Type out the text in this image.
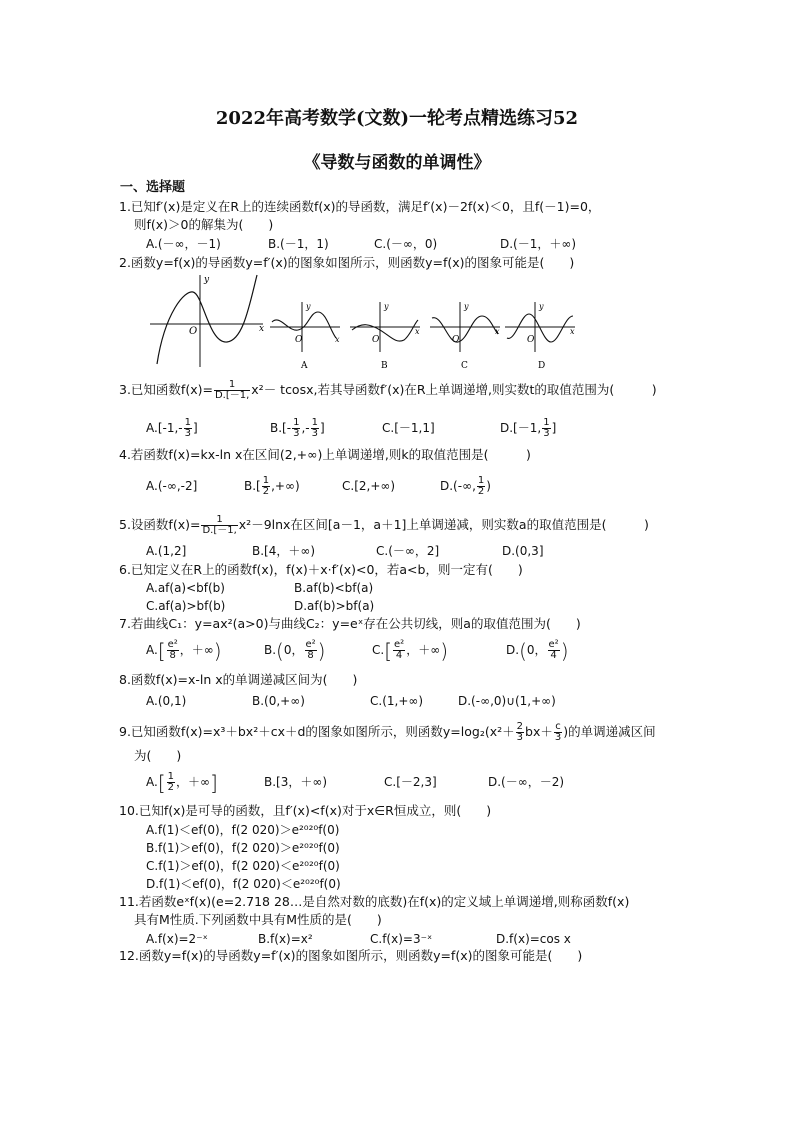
2022年高考数学(文数)一轮考点精选练习52
《导数与函数的单调性》
一、选择题
1.已知f′(x)是定义在R上的连续函数f(x)的导函数，满足f′(x)－2f(x)＜0，且f(－1)=0，
则f(x)＞0的解集为(　　)
A.(－∞，－1)	B.(－1，1)	C.(－∞，0)	D.(－1，＋∞)
2.函数y=f(x)的导函数y=f′(x)的图象如图所示，则函数y=f(x)的图象可能是(　　)
y
x
O
y
x
O
A
y
x
O
B
y
x
O
C
y
x
O
D
3.已知函数$f(x)= \frac{1}{D.[-1,} x^2- tcosx$,若其导函数f′(x)在R上单调递增,则实数t的取值范围为(　　　)
$A.[-1,- \frac{1}{3}$ ]	$B.[- \frac{1}{3}$ ,- $\frac{1}{3}$ ]	C.[－1,1]	D.[－1, $\frac{1}{3}$ ]
4.若函数f(x)=kx-ln x在区间(2,+∞)上单调递增,则k的取值范围是(　　　)
A.(-∞,-2]	$B.[ \frac{1}{2}$ ,+∞)	C.[2,+∞)	D.(-∞, $\frac{1}{2}$ )
5.设函数$f(x)= \frac{1}{D.[-1,} x^2-9\ln x$在区间[a－1，a＋1]上单调递减，则实数a的取值范围是(　　　)
A.(1,2]	B.[4，＋∞)	C.(－∞，2]	D.(0,3]
6.已知定义在R上的函数f(x)，f(x)＋x·f′(x)<0，若a<b，则一定有(　　)
A.af(a)<bf(b)	B.af(b)<bf(a)
C.af(a)>bf(b)	D.af(b)>bf(a)
7.若曲线C₁：y=ax²(a>0)与曲线C₂：y=eˣ存在公共切线，则a的取值范围为(　　)
$A.[ \frac{\text{e²}}{8}$ ，＋∞)	B.(0， $\frac{\text{e²}}{8}$ )	$C.[ \frac{\text{e²}}{4}$ ，＋∞)	D.(0， $\frac{\text{e²}}{4}$ )
8.函数f(x)=x-ln x的单调递减区间为(　　)
A.(0,1)	B.(0,+∞)	C.(1,+∞)	D.(-∞,0)∪(1,+∞)
9.已知函数f(x)=x³＋bx²＋cx＋d的图象如图所示，则函数$y=\log_2(x^2+ \frac{2}{3} bx+ \frac{c}{3}$ )的单调递减区间
为(　　)
$A.[ \frac{1}{2}$ ，＋∞]	B.[3，＋∞)	C.[－2,3]	D.(－∞，－2)
10.已知f(x)是可导的函数，且f′(x)<f(x)对于x∈R恒成立，则(　　)
A.f(1)＜ef(0)，f(2 020)＞e²⁰²⁰f(0)
B.f(1)＞ef(0)，f(2 020)＞e²⁰²⁰f(0)
C.f(1)＞ef(0)，f(2 020)＜e²⁰²⁰f(0)
D.f(1)＜ef(0)，f(2 020)＜e²⁰²⁰f(0)
11.若函数eˣf(x)(e=2.718 28…是自然对数的底数)在f(x)的定义域上单调递增,则称函数f(x)
具有M性质.下列函数中具有M性质的是(　　)
A.f(x)=2⁻ˣ	B.f(x)=x²	C.f(x)=3⁻ˣ	D.f(x)=cos x
12.函数y=f(x)的导函数y=f′(x)的图象如图所示，则函数y=f(x)的图象可能是(　　)
